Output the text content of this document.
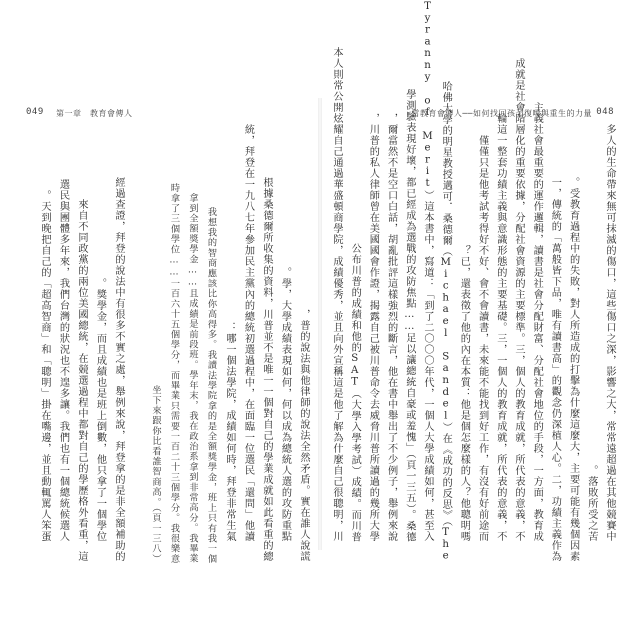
049 第一章　教育會傳人
普的說法與他律師的說法全然矛盾。實在誰人說謊，
學，大學成績表現如何，何以成為總統人選的攻防重點。
根據桑德爾所收集的資料，川普並不是唯一一個對自己的學業成就如此看重的總
統，拜登在一九八七年參加民主黨內的總統初選過程中，在面臨一位選民「還問」他讀
哪一個法學院，成績如何時，拜登非常生氣：
我想我的智商應該比你高得多。我讀法學院拿的是全額獎學金，班上只有我一個
拿到全額獎學金……且成績是前段班。學年末，我在政治系拿到非常高分。我畢業
時拿了三個學位……一百六十五個學分，而畢業只需要一百二十三個學分。我很樂意
坐下來跟你比看誰智商高。（頁一三八）
經過查證，拜登的說法中有很多不實之處，舉例來說，拜登拿的是非全額補助的
獎學金，而且成績也是班上倒數，他只拿了一個學位。
來自不同政黨的兩位美國總統，在競選過程中都對自己的學歷格外看重，這
選民與團體多年來，我們台灣的狀況也不遑多讓。我們也有一個總統候選人
天到晚把自己的「超高智商」和「聰明」掛在嘴邊，並且動輒罵人笨蛋。
當教育會傳人──如何找回孩子復嘎與重生的力量 048
多人的生命帶來無可抹滅的傷口，這些傷口之深，影響之大，常常遠超過在其他競賽中
落敗所受之苦。
受教育過程中的失敗，對人所造成的打擊為什麼這麼大，主要可能有幾個因素。
一，傳統的「萬般皆下品，唯有讀書高」的觀念仍深植人心。二，功績主義作為
主義社會最重要的運作邏輯，讀書是社會分配財富、分配社會地位的手段，一方面，教育成
成就是社會階層化的重要依據，分配社會資源的主要標準。三，個人的教育成就，所代表的意義，不
輪這一整套功績主義與意識形態的主要基礎。三，一個人的教育成就，所代表的意義，不
僅僅只是他考試考得好不好、會不會讀書，未來能不能找到好工作，有沒有好前途而
已，還表徵了他的內在本質：他是個怎麼樣的人？他聰明嗎？
哈佛大學的明星教授邁可．桑德爾（Michael Sandel）在《成功的反思》（The
Tyranny of Merit）這本書中，寫道：「到了二〇〇〇年代，一個人大學成績如何，甚至入
學測驗表現好壞，都已經成為選戰的攻防焦點……足以讓總統自豪或羞愧」（頁一三五）。桑德
爾當然不是空口白話，胡亂批評這樣強烈的斷言，他在書中舉出了不少例子，舉例來說，
川普的私人律師曾在美國國會作證，揭露自己被川普命令去威脅川普所讀過的幾所大學，
公布川普的成績和他的SAT（大學入學考試）成績。而川普
本人則常公開炫耀自己通過華盛頓商學院，成績優秀，並且向外宣稱這是他了解為什麼自己很聰明，川
